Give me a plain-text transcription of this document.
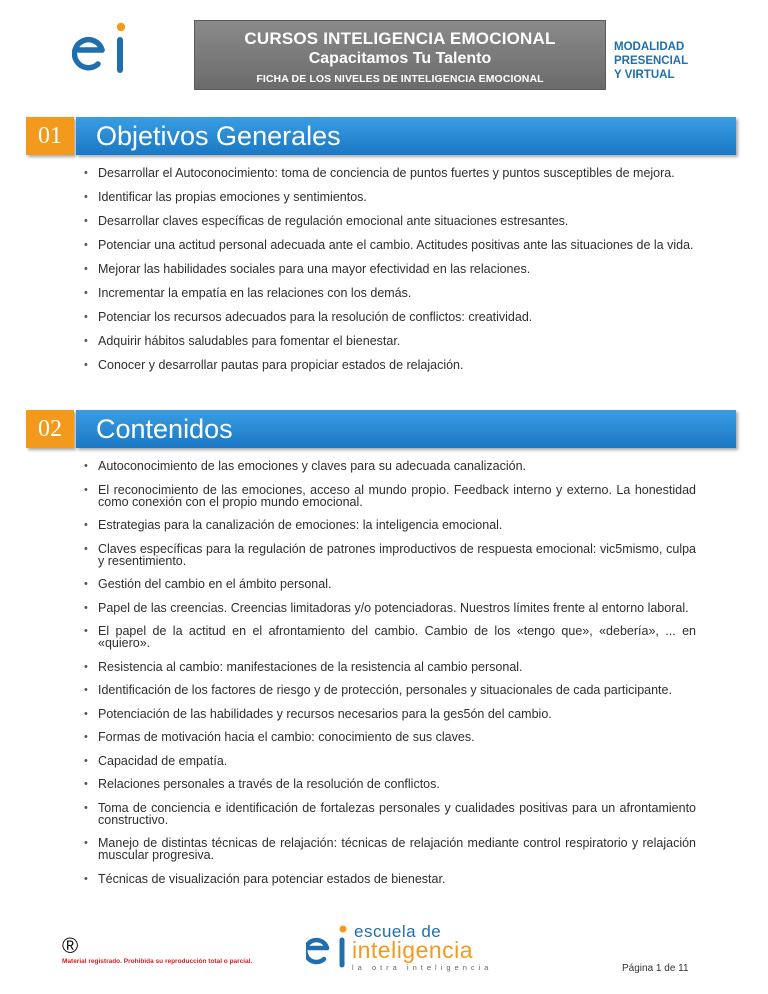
CURSOS INTELIGENCIA EMOCIONAL
Capacitamos Tu Talento
FICHA DE LOS NIVELES DE INTELIGENCIA EMOCIONAL
MODALIDAD
PRESENCIAL
Y VIRTUAL
01	Objetivos Generales
• Desarrollar el Autoconocimiento: toma de conciencia de puntos fuertes y puntos susceptibles de mejora.
• Identificar las propias emociones y sentimientos.
• Desarrollar claves específicas de regulación emocional ante situaciones estresantes.
• Potenciar una actitud personal adecuada ante el cambio. Actitudes positivas ante las situaciones de la vida.
• Mejorar las habilidades sociales para una mayor efectividad en las relaciones.
• Incrementar la empatía en las relaciones con los demás.
• Potenciar los recursos adecuados para la resolución de conflictos: creatividad.
• Adquirir hábitos saludables para fomentar el bienestar.
• Conocer y desarrollar pautas para propiciar estados de relajación.
02	Contenidos
• Autoconocimiento de las emociones y claves para su adecuada canalización.
• El reconocimiento de las emociones, acceso al mundo propio. Feedback interno y externo. La honestidad como conexión con el propio mundo emocional.
• Estrategias para la canalización de emociones: la inteligencia emocional.
• Claves específicas para la regulación de patrones improductivos de respuesta emocional: vic5mismo, culpa y resentimiento.
• Gestión del cambio en el ámbito personal.
• Papel de las creencias. Creencias limitadoras y/o potenciadoras. Nuestros límites frente al entorno laboral.
• El papel de la actitud en el afrontamiento del cambio. Cambio de los «tengo que», «debería», ... en «quiero».
• Resistencia al cambio: manifestaciones de la resistencia al cambio personal.
• Identificación de los factores de riesgo y de protección, personales y situacionales de cada participante.
• Potenciación de las habilidades y recursos necesarios para la ges5ón del cambio.
• Formas de motivación hacia el cambio: conocimiento de sus claves.
• Capacidad de empatía.
• Relaciones personales a través de la resolución de conflictos.
• Toma de conciencia e identificación de fortalezas personales y cualidades positivas para un afrontamiento constructivo.
• Manejo de distintas técnicas de relajación: técnicas de relajación mediante control respiratorio y relajación muscular progresiva.
• Técnicas de visualización para potenciar estados de bienestar.
®
Material registrado. Prohibida su reproducción total o parcial.
escuela de
inteligencia
la otra inteligencia	Página 1 de 11
